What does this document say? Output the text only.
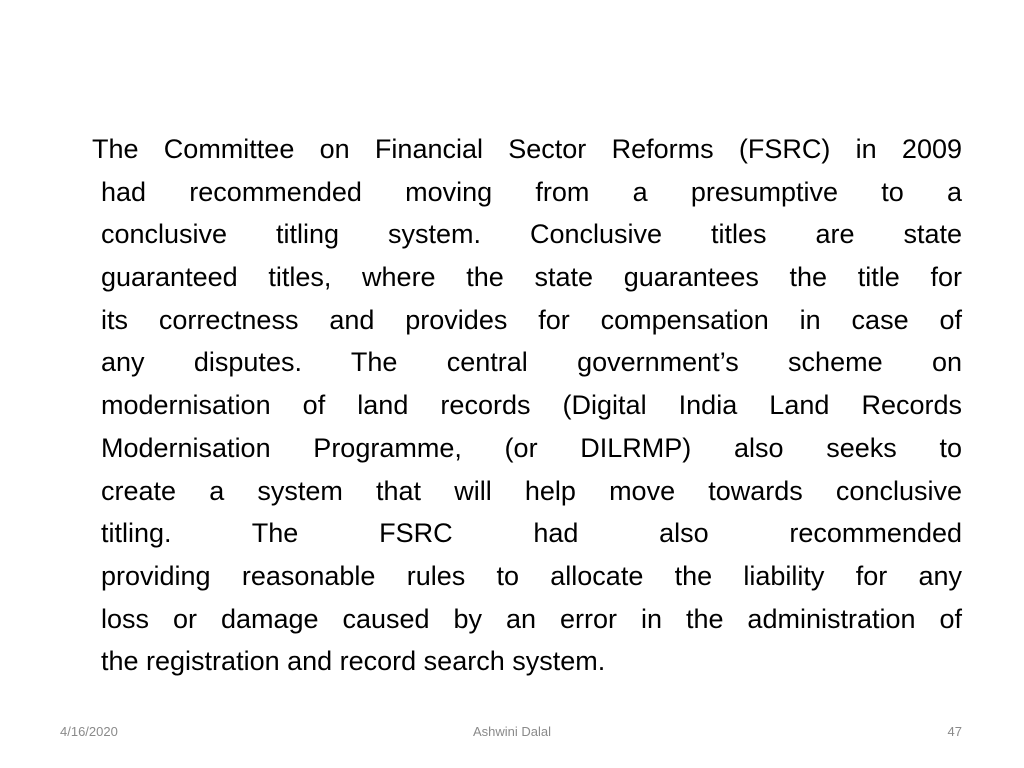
The Committee on Financial Sector Reforms (FSRC) in 2009
had recommended moving from a presumptive to a
conclusive titling system. Conclusive titles are state
guaranteed titles, where the state guarantees the title for
its correctness and provides for compensation in case of
any disputes. The central government’s scheme on
modernisation of land records (Digital India Land Records
Modernisation Programme, (or DILRMP) also seeks to
create a system that will help move towards conclusive
titling. The FSRC had also recommended
providing reasonable rules to allocate the liability for any
loss or damage caused by an error in the administration of
the registration and record search system.
4/16/2020	Ashwini Dalal	47
